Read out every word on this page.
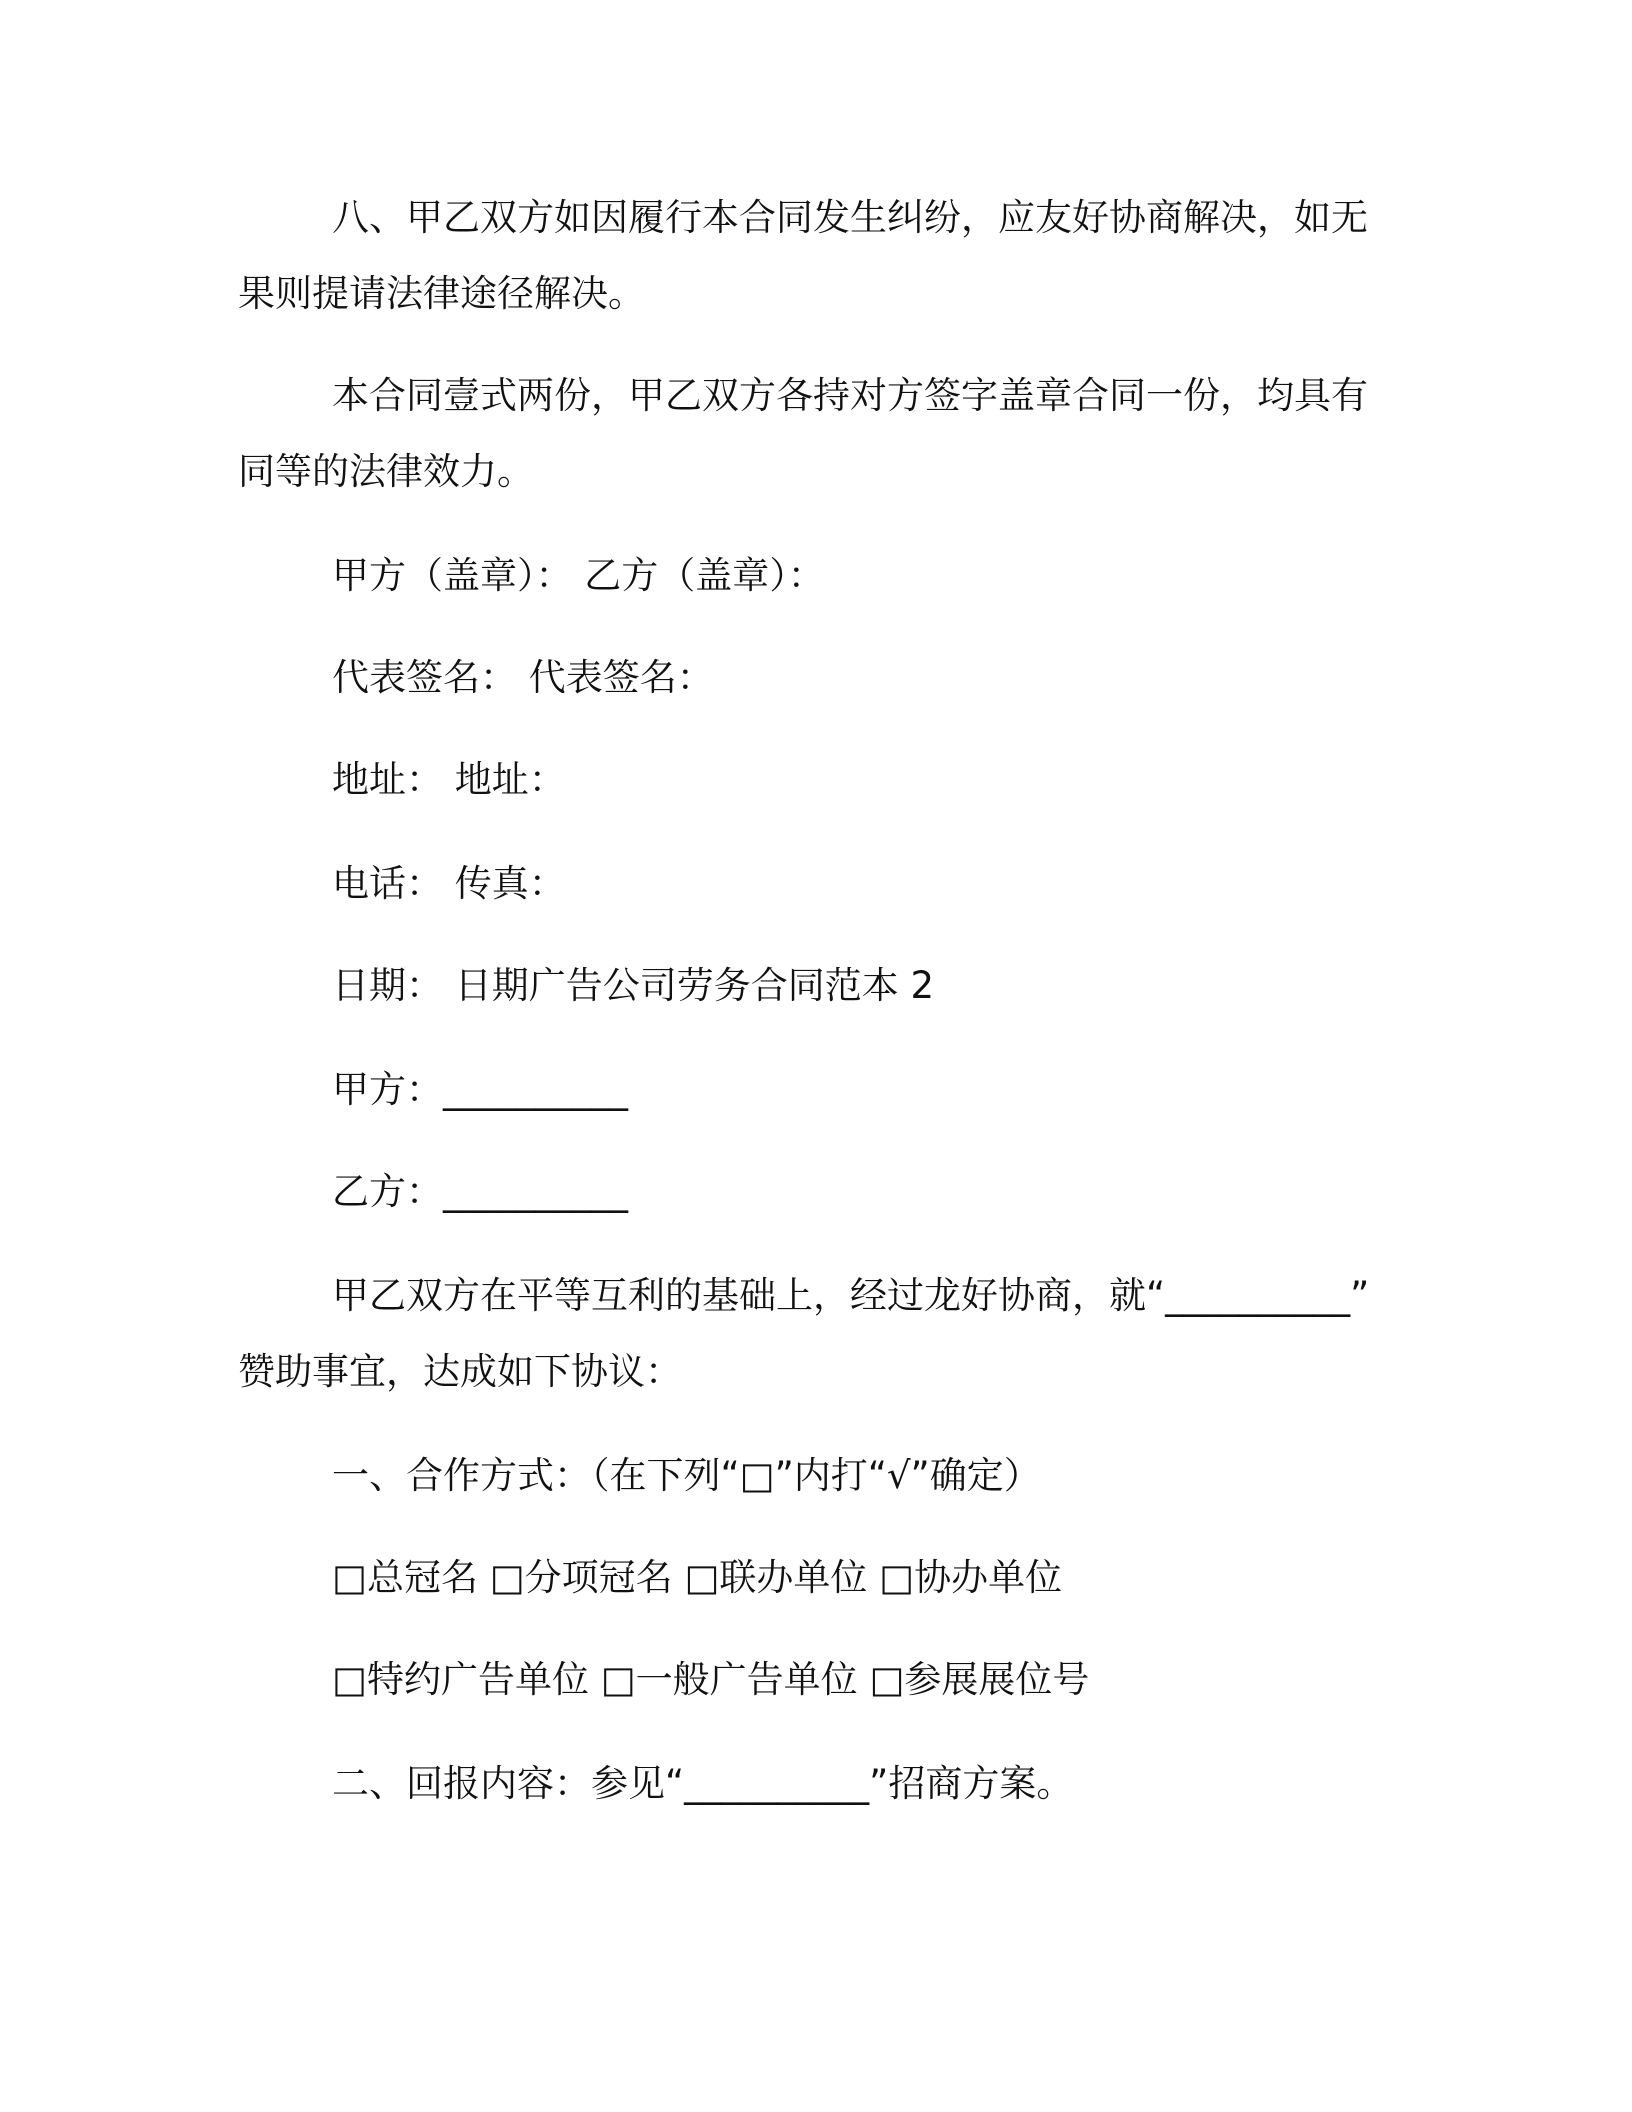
八、甲乙双方如因履行本合同发生纠纷，应友好协商解决，如无
果则提请法律途径解决。
本合同壹式两份，甲乙双方各持对方签字盖章合同一份，均具有
同等的法律效力。
甲方（盖章）： 乙方（盖章）：
代表签名： 代表签名：
地址： 地址：
电话： 传真：
日期： 日期广告公司劳务合同范本 2
甲方：__________
乙方：__________
甲乙双方在平等互利的基础上，经过龙好协商，就“__________”
赞助事宜，达成如下协议：
一、合作方式：（在下列“□”内打“√”确定）
□总冠名 □分项冠名 □联办单位 □协办单位
□特约广告单位 □一般广告单位 □参展展位号
二、回报内容：参见“__________”招商方案。
